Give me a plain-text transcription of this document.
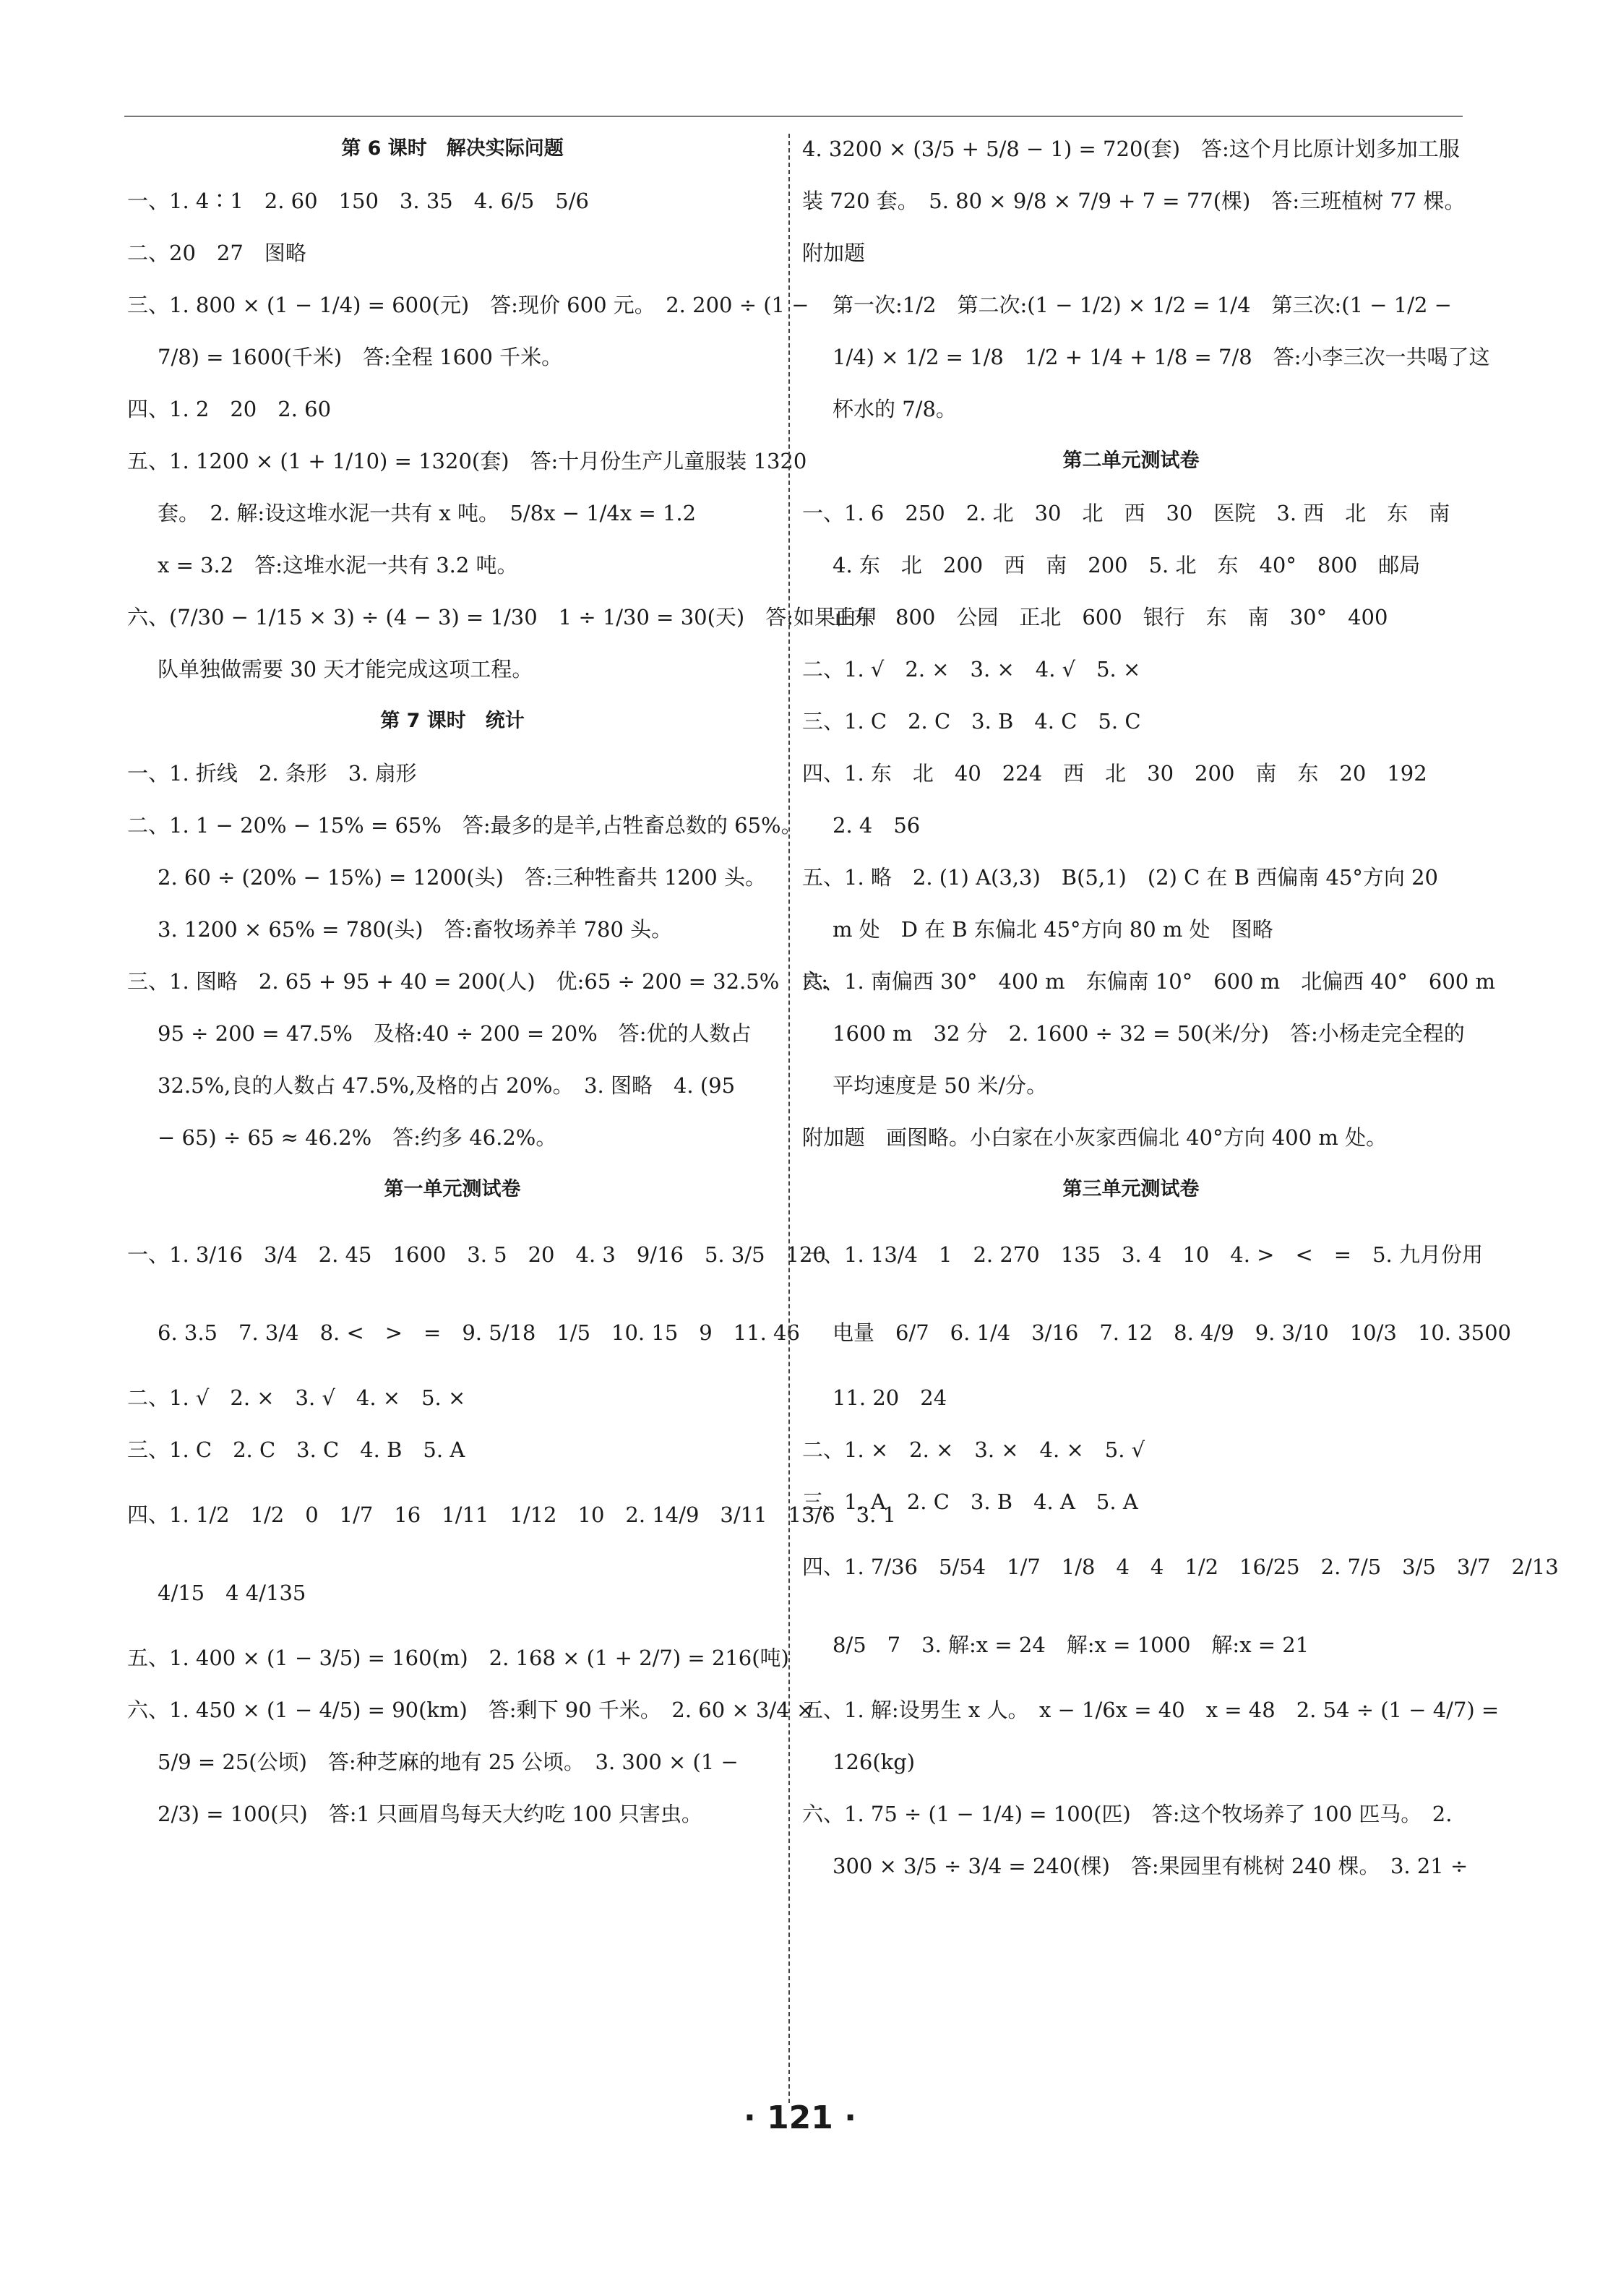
第 6 课时　解决实际问题
一、1. 4∶1　2. 60　150　3. 35　4. 6/5　5/6
二、20　27　图略
三、1. 800 × (1 − 1/4) = 600(元)　答:现价 600 元。　2. 200 ÷ (1 −
7/8) = 1600(千米)　答:全程 1600 千米。
四、1. 2　20　2. 60
五、1. 1200 × (1 + 1/10) = 1320(套)　答:十月份生产儿童服装 1320
套。　2. 解:设这堆水泥一共有 x 吨。　5/8x − 1/4x = 1.2
x = 3.2　答:这堆水泥一共有 3.2 吨。
六、(7/30 − 1/15 × 3) ÷ (4 − 3) = 1/30　1 ÷ 1/30 = 30(天)　答:如果由甲
队单独做需要 30 天才能完成这项工程。
第 7 课时　统计
一、1. 折线　2. 条形　3. 扇形
二、1. 1 − 20% − 15% = 65%　答:最多的是羊,占牲畜总数的 65%。
2. 60 ÷ (20% − 15%) = 1200(头)　答:三种牲畜共 1200 头。
3. 1200 × 65% = 780(头)　答:畜牧场养羊 780 头。
三、1. 图略　2. 65 + 95 + 40 = 200(人)　优:65 ÷ 200 = 32.5%　良:
95 ÷ 200 = 47.5%　及格:40 ÷ 200 = 20%　答:优的人数占
32.5%,良的人数占 47.5%,及格的占 20%。　3. 图略　4. (95
− 65) ÷ 65 ≈ 46.2%　答:约多 46.2%。
第一单元测试卷
一、1. 3/16　3/4　2. 45　1600　3. 5　20　4. 3　9/16　5. 3/5　120
6. 3.5　7. 3/4　8. <　>　=　9. 5/18　1/5　10. 15　9　11. 46
二、1. √　2. ×　3. √　4. ×　5. ×
三、1. C　2. C　3. C　4. B　5. A
四、1. 1/2　1/2　0　1/7　16　1/11　1/12　10　2. 14/9　3/11　13/6　3. 1
4/15　4 4/135
五、1. 400 × (1 − 3/5) = 160(m)　2. 168 × (1 + 2/7) = 216(吨)
六、1. 450 × (1 − 4/5) = 90(km)　答:剩下 90 千米。　2. 60 × 3/4 ×
5/9 = 25(公顷)　答:种芝麻的地有 25 公顷。　3. 300 × (1 −
2/3) = 100(只)　答:1 只画眉鸟每天大约吃 100 只害虫。
4. 3200 × (3/5 + 5/8 − 1) = 720(套)　答:这个月比原计划多加工服
装 720 套。　5. 80 × 9/8 × 7/9 + 7 = 77(棵)　答:三班植树 77 棵。
附加题
第一次:1/2　第二次:(1 − 1/2) × 1/2 = 1/4　第三次:(1 − 1/2 −
1/4) × 1/2 = 1/8　1/2 + 1/4 + 1/8 = 7/8　答:小李三次一共喝了这
杯水的 7/8。
第二单元测试卷
一、1. 6　250　2. 北　30　北　西　30　医院　3. 西　北　东　南
4. 东　北　200　西　南　200　5. 北　东　40°　800　邮局
正东　800　公园　正北　600　银行　东　南　30°　400
二、1. √　2. ×　3. ×　4. √　5. ×
三、1. C　2. C　3. B　4. C　5. C
四、1. 东　北　40　224　西　北　30　200　南　东　20　192
2. 4　56
五、1. 略　2. (1) A(3,3)　B(5,1)　(2) C 在 B 西偏南 45°方向 20
m 处　D 在 B 东偏北 45°方向 80 m 处　图略
六、1. 南偏西 30°　400 m　东偏南 10°　600 m　北偏西 40°　600 m
1600 m　32 分　2. 1600 ÷ 32 = 50(米/分)　答:小杨走完全程的
平均速度是 50 米/分。
附加题　画图略。小白家在小灰家西偏北 40°方向 400 m 处。
第三单元测试卷
一、1. 13/4　1　2. 270　135　3. 4　10　4. >　<　=　5. 九月份用
电量　6/7　6. 1/4　3/16　7. 12　8. 4/9　9. 3/10　10/3　10. 3500
11. 20　24
二、1. ×　2. ×　3. ×　4. ×　5. √
三、1. A　2. C　3. B　4. A　5. A
四、1. 7/36　5/54　1/7　1/8　4　4　1/2　16/25　2. 7/5　3/5　3/7　2/13
8/5　7　3. 解:x = 24　解:x = 1000　解:x = 21
五、1. 解:设男生 x 人。　x − 1/6x = 40　x = 48　2. 54 ÷ (1 − 4/7) =
126(kg)
六、1. 75 ÷ (1 − 1/4) = 100(匹)　答:这个牧场养了 100 匹马。　2.
300 × 3/5 ÷ 3/4 = 240(棵)　答:果园里有桃树 240 棵。　3. 21 ÷
· 121 ·
